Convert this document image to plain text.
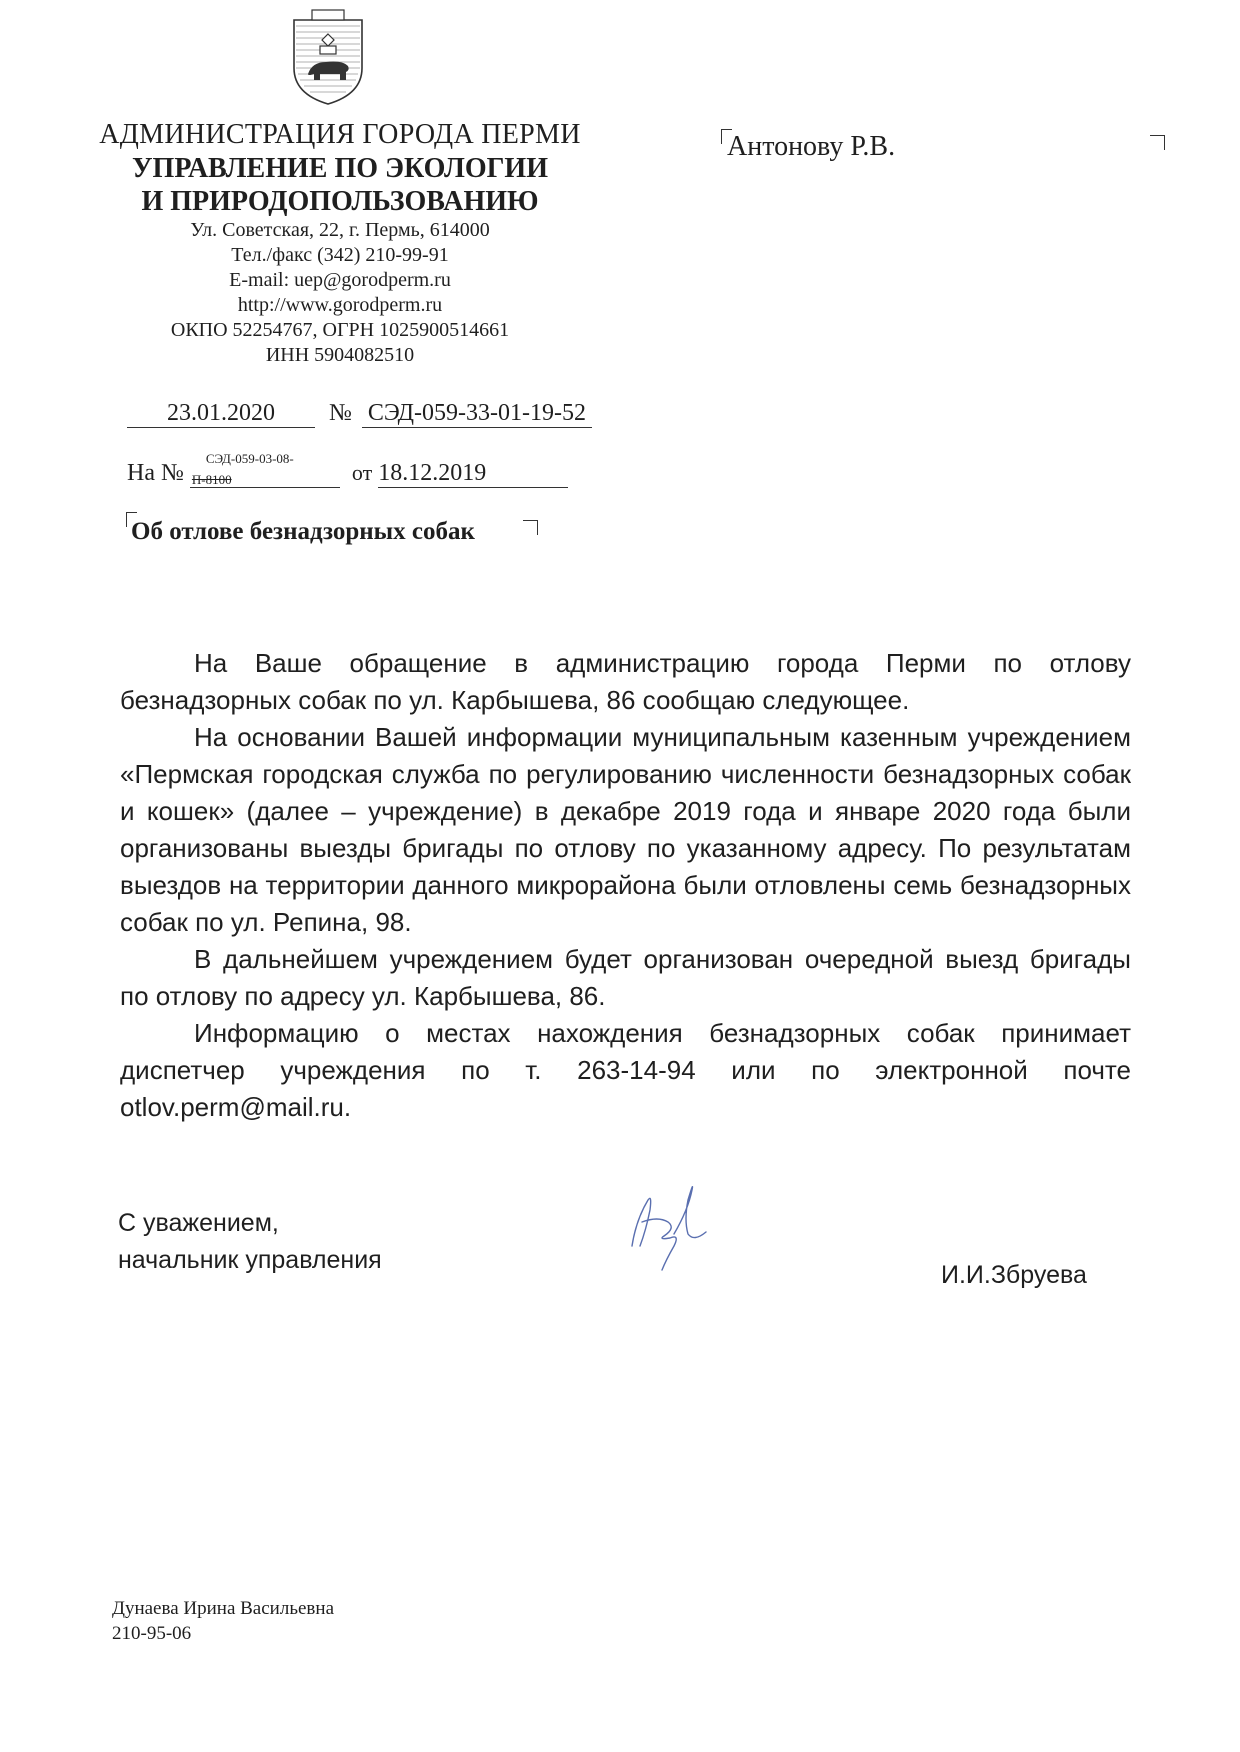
АДМИНИСТРАЦИЯ ГОРОДА ПЕРМИ
УПРАВЛЕНИЕ ПО ЭКОЛОГИИ
И ПРИРОДОПОЛЬЗОВАНИЮ
Ул. Советская, 22, г. Пермь, 614000
Тел./факс (342) 210-99-91
E-mail: uep@gorodperm.ru
http://www.gorodperm.ru
ОКПО 52254767, ОГРН 1025900514661
ИНН 5904082510
Антонову Р.В.
23.01.2020 № СЭД-059-33-01-19-52
На №
СЭД-059-03-08-
П-8100	от 18.12.2019
Об отлове безнадзорных собак

На Ваше обращение в администрацию города Перми по отлову безнадзорных собак по ул. Карбышева, 86 сообщаю следующее.

На основании Вашей информации муниципальным казенным учреждением «Пермская городская служба по регулированию численности безнадзорных собак и кошек» (далее – учреждение) в декабре 2019 года и январе 2020 года были организованы выезды бригады по отлову по указанному адресу. По результатам выездов на территории данного микрорайона были отловлены семь безнадзорных собак по ул. Репина, 98.

В дальнейшем учреждением будет организован очередной выезд бригады по отлову по адресу ул. Карбышева, 86.

Информацию о местах нахождения безнадзорных собак принимает диспетчер учреждения по т. 263-14-94 или по электронной почте otlov.perm@mail.ru.

С уважением,
начальник управления
И.И.Збруева
Дунаева Ирина Васильевна
210-95-06
